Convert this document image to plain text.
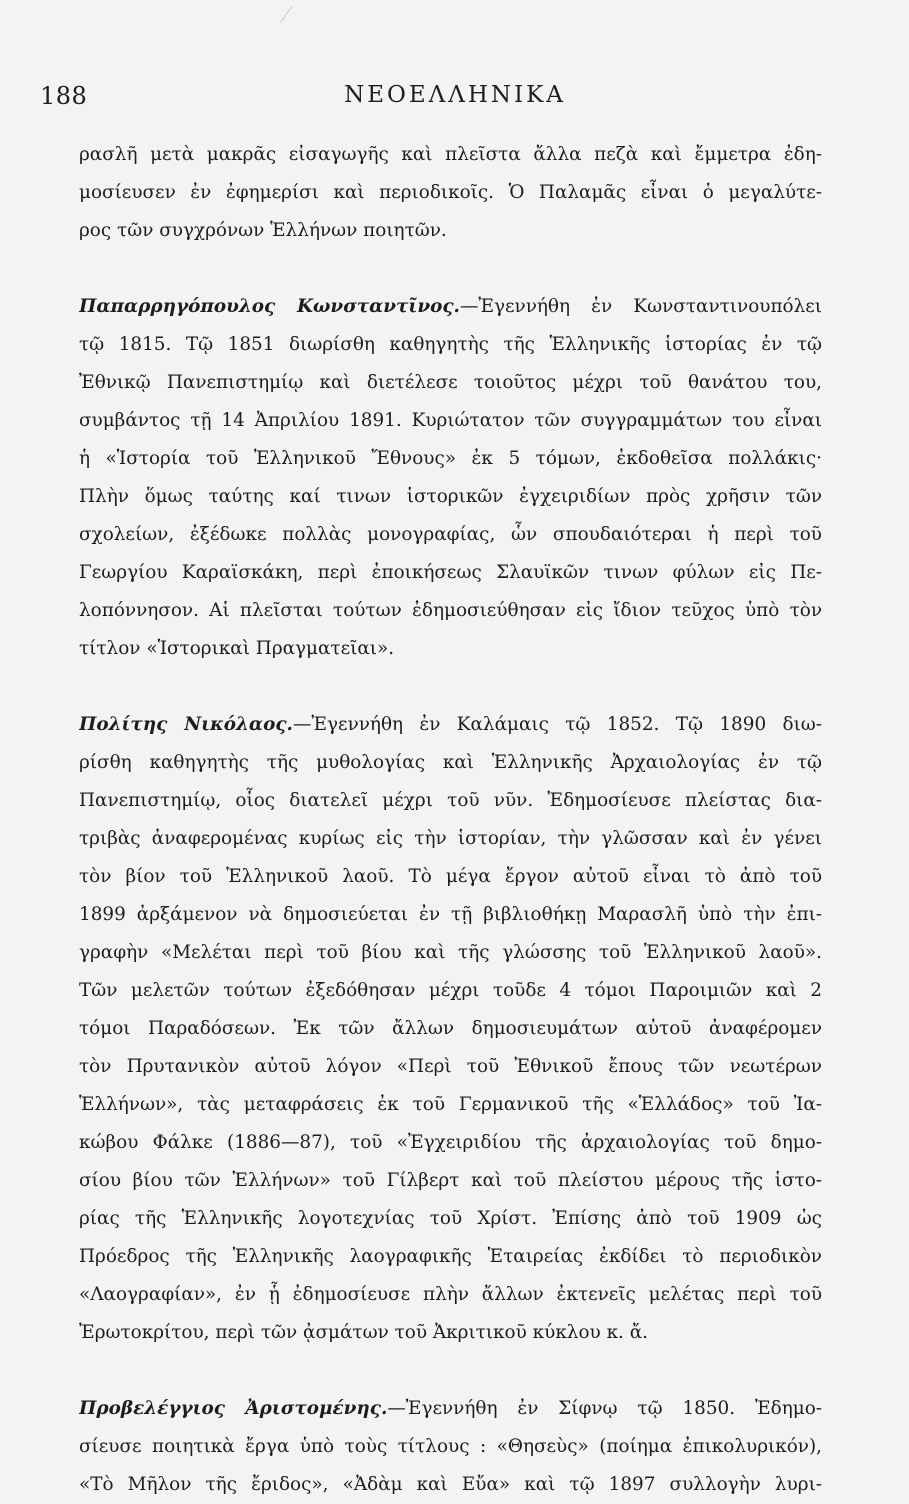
188	ΝΕΟΕΛΛΗΝΙΚΑ
ρασλῆ μετὰ μακρᾶς εἰσαγωγῆς καὶ πλεῖστα ἄλλα πεζὰ καὶ ἔμμετρα ἐδη-
μοσίευσεν ἐν ἐφημερίσι καὶ περιοδικοῖς. Ὁ Παλαμᾶς εἶναι ὁ μεγαλύτε-
ρος τῶν συγχρόνων Ἑλλήνων ποιητῶν.
Παπαρρηγόπουλος Κωνσταντῖνος.—Ἐγεννήθη ἐν Κωνσταντινουπόλει
τῷ 1815. Τῷ 1851 διωρίσθη καθηγητὴς τῆς Ἑλληνικῆς ἱστορίας ἐν τῷ
Ἐθνικῷ Πανεπιστημίῳ καὶ διετέλεσε τοιοῦτος μέχρι τοῦ θανάτου του,
συμβάντος τῇ 14 Ἀπριλίου 1891. Κυριώτατον τῶν συγγραμμάτων του εἶναι
ἡ «Ἱστορία τοῦ Ἑλληνικοῦ Ἔθνους» ἐκ 5 τόμων, ἐκδοθεῖσα πολλάκις·
Πλὴν ὅμως ταύτης καί τινων ἱστορικῶν ἐγχειριδίων πρὸς χρῆσιν τῶν
σχολείων, ἐξέδωκε πολλὰς μονογραφίας, ὧν σπουδαιότεραι ἡ περὶ τοῦ
Γεωργίου Καραϊσκάκη, περὶ ἐποικήσεως Σλαυϊκῶν τινων φύλων εἰς Πε-
λοπόννησον. Αἱ πλεῖσται τούτων ἐδημοσιεύθησαν εἰς ἴδιον τεῦχος ὑπὸ τὸν
τίτλον «Ἱστορικαὶ Πραγματεῖαι».
Πολίτης Νικόλαος.—Ἐγεννήθη ἐν Καλάμαις τῷ 1852. Τῷ 1890 διω-
ρίσθη καθηγητὴς τῆς μυθολογίας καὶ Ἑλληνικῆς Ἀρχαιολογίας ἐν τῷ
Πανεπιστημίῳ, οἷος διατελεῖ μέχρι τοῦ νῦν. Ἐδημοσίευσε πλείστας δια-
τριβὰς ἀναφερομένας κυρίως εἰς τὴν ἱστορίαν, τὴν γλῶσσαν καὶ ἐν γένει
τὸν βίον τοῦ Ἑλληνικοῦ λαοῦ. Τὸ μέγα ἔργον αὐτοῦ εἶναι τὸ ἀπὸ τοῦ
1899 ἀρξάμενον νὰ δημοσιεύεται ἐν τῇ βιβλιοθήκῃ Μαρασλῆ ὑπὸ τὴν ἐπι-
γραφὴν «Μελέται περὶ τοῦ βίου καὶ τῆς γλώσσης τοῦ Ἑλληνικοῦ λαοῦ».
Τῶν μελετῶν τούτων ἐξεδόθησαν μέχρι τοῦδε 4 τόμοι Παροιμιῶν καὶ 2
τόμοι Παραδόσεων. Ἐκ τῶν ἄλλων δημοσιευμάτων αὐτοῦ ἀναφέρομεν
τὸν Πρυτανικὸν αὐτοῦ λόγον «Περὶ τοῦ Ἐθνικοῦ ἔπους τῶν νεωτέρων
Ἑλλήνων», τὰς μεταφράσεις ἐκ τοῦ Γερμανικοῦ τῆς «Ἑλλάδος» τοῦ Ἰα-
κώβου Φάλκε (1886—87), τοῦ «Ἐγχειριδίου τῆς ἀρχαιολογίας τοῦ δημο-
σίου βίου τῶν Ἑλλήνων» τοῦ Γίλβερτ καὶ τοῦ πλείστου μέρους τῆς ἱστο-
ρίας τῆς Ἑλληνικῆς λογοτεχνίας τοῦ Χρίστ. Ἐπίσης ἀπὸ τοῦ 1909 ὡς
Πρόεδρος τῆς Ἑλληνικῆς λαογραφικῆς Ἑταιρείας ἐκδίδει τὸ περιοδικὸν
«Λαογραφίαν», ἐν ᾗ ἐδημοσίευσε πλὴν ἄλλων ἐκτενεῖς μελέτας περὶ τοῦ
Ἐρωτοκρίτου, περὶ τῶν ᾀσμάτων τοῦ Ἀκριτικοῦ κύκλου κ. ἄ.
Προβελέγγιος Ἀριστομένης.—Ἐγεννήθη ἐν Σίφνῳ τῷ 1850. Ἐδημο-
σίευσε ποιητικὰ ἔργα ὑπὸ τοὺς τίτλους : «Θησεὺς» (ποίημα ἐπικολυρικόν),
«Τὸ Μῆλον τῆς ἔριδος», «Ἀδὰμ καὶ Εὔα» καὶ τῷ 1897 συλλογὴν λυρι-
